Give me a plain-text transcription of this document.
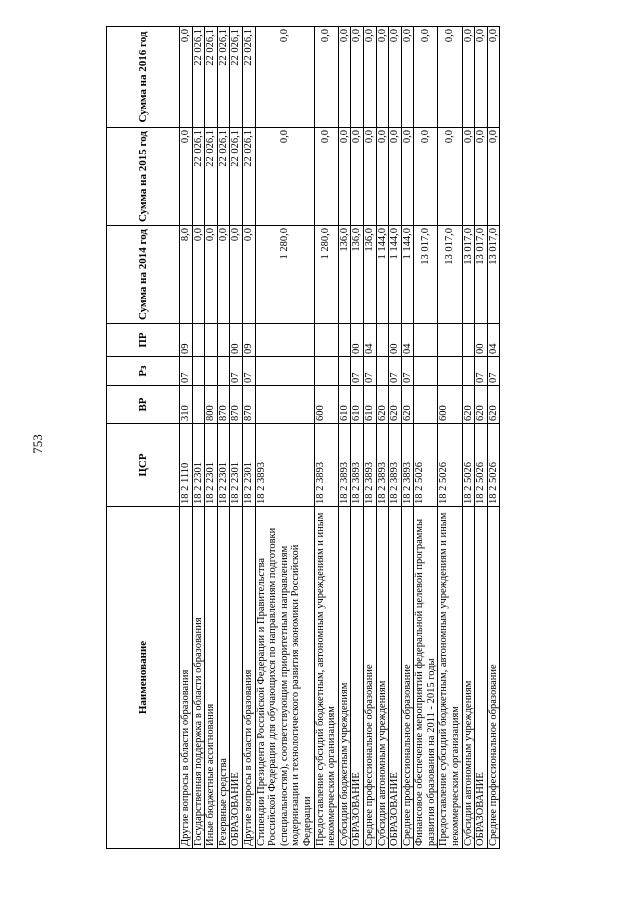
753
Наименование	ЦСР	ВР	Рз	ПР	Сумма на 2014 год	Сумма на 2015 год	Сумма на 2016 год
Другие вопросы в области образования	18 2 1110	310	07	09	8,0	0,0	0,0
Государственная поддержка в области образования	18 2 2301				0,0	22 026,1	22 026,1
Иные бюджетные ассигнования	18 2 2301	800			0,0	22 026,1	22 026,1
Резервные средства	18 2 2301	870			0,0	22 026,1	22 026,1
ОБРАЗОВАНИЕ	18 2 2301	870	07	00	0,0	22 026,1	22 026,1
Другие вопросы в области образования	18 2 2301	870	07	09	0,0	22 026,1	22 026,1
Стипендии Президента Российской Федерации и Правительства Российской Федерации для обучающихся по направлениям подготовки (специальностям), соответствующим приоритетным направлениям модернизации и технологического развития экономики Российской Федерации	18 2 3893				1 280,0	0,0	0,0
Предоставление субсидий бюджетным, автономным учреждениям и иным некоммерческим организациям	18 2 3893	600			1 280,0	0,0	0,0
Субсидии бюджетным учреждениям	18 2 3893	610			136,0	0,0	0,0
ОБРАЗОВАНИЕ	18 2 3893	610	07	00	136,0	0,0	0,0
Среднее профессиональное образование	18 2 3893	610	07	04	136,0	0,0	0,0
Субсидии автономным учреждениям	18 2 3893	620			1 144,0	0,0	0,0
ОБРАЗОВАНИЕ	18 2 3893	620	07	00	1 144,0	0,0	0,0
Среднее профессиональное образование	18 2 3893	620	07	04	1 144,0	0,0	0,0
Финансовое обеспечение мероприятий федеральной целевой программы развития образования на 2011 - 2015 годы	18 2 5026				13 017,0	0,0	0,0
Предоставление субсидий бюджетным, автономным учреждениям и иным некоммерческим организациям	18 2 5026	600			13 017,0	0,0	0,0
Субсидии автономным учреждениям	18 2 5026	620			13 017,0	0,0	0,0
ОБРАЗОВАНИЕ	18 2 5026	620	07	00	13 017,0	0,0	0,0
Среднее профессиональное образование	18 2 5026	620	07	04	13 017,0	0,0	0,0
